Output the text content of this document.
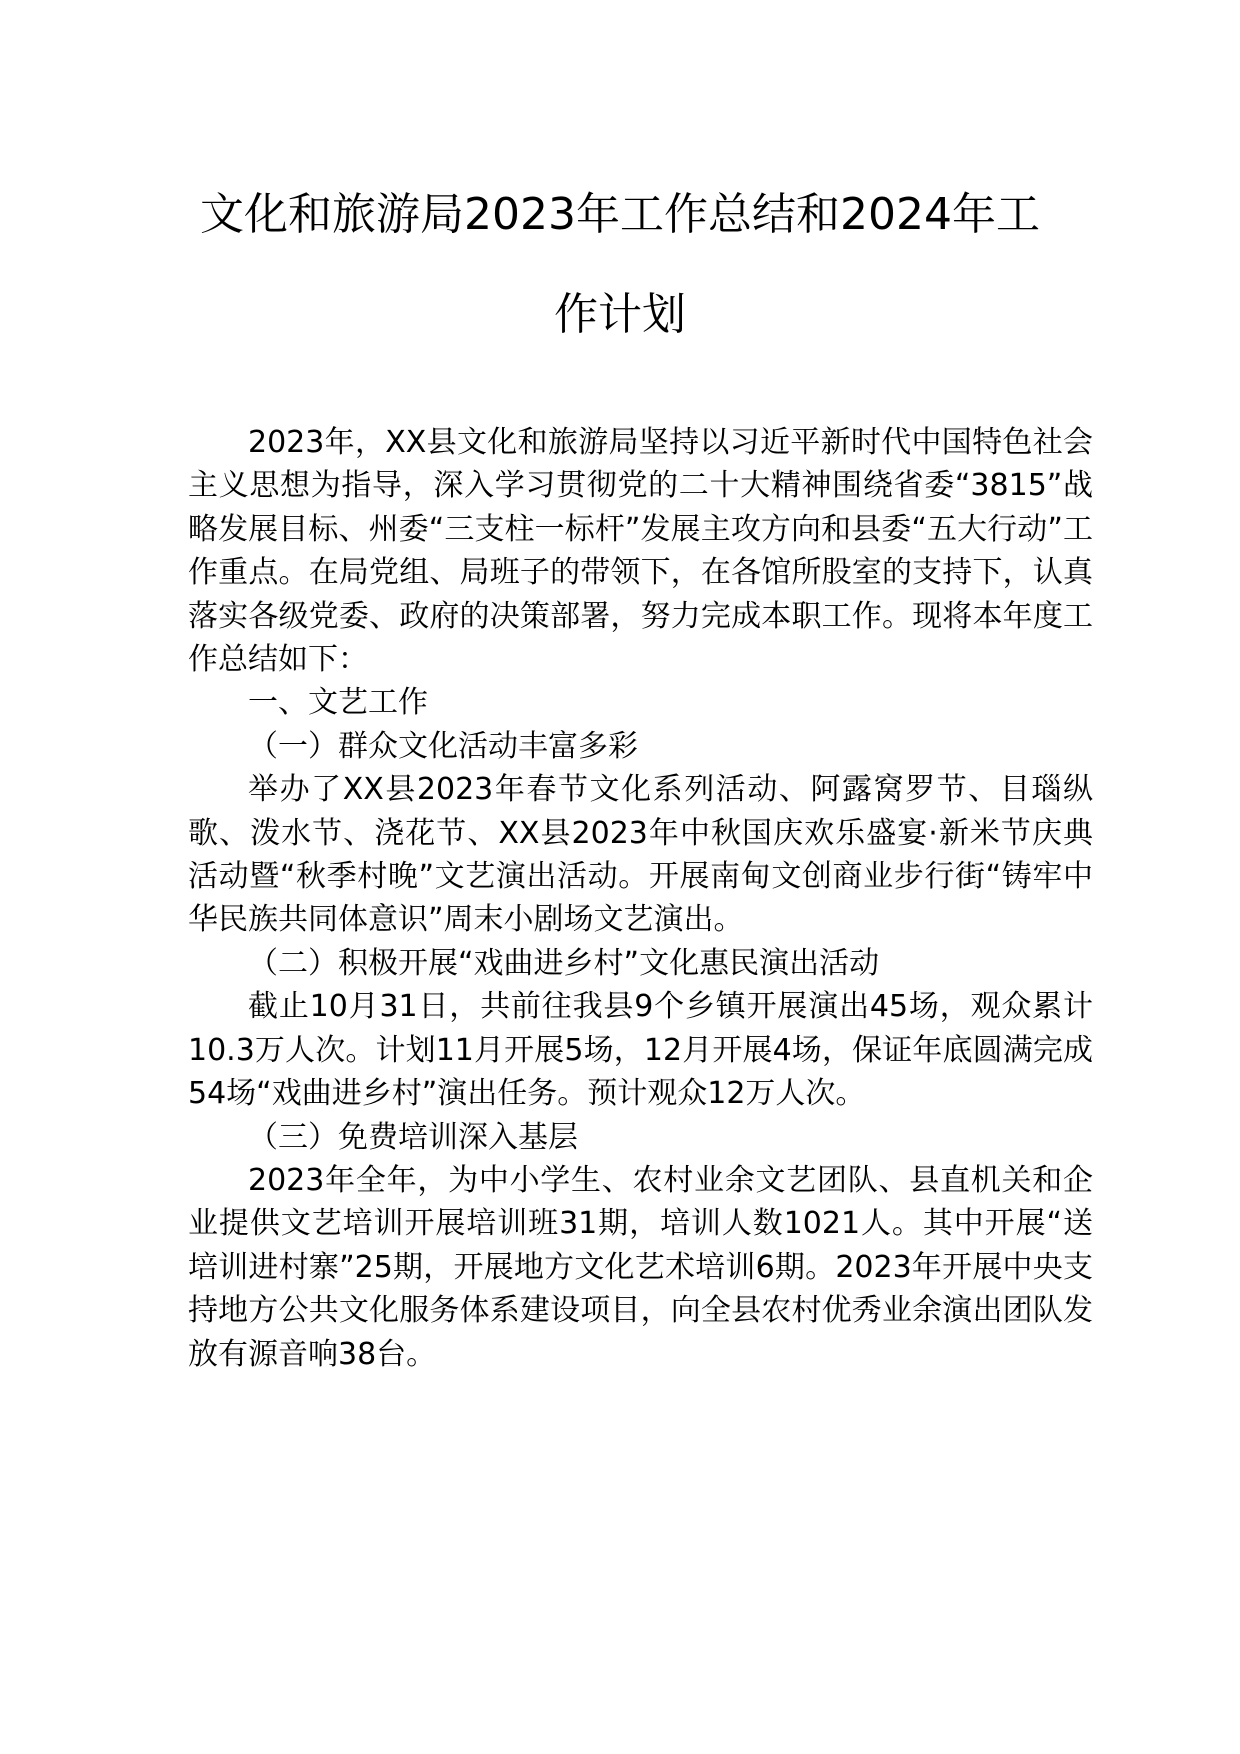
文化和旅游局2023年工作总结和2024年工
作计划

2023年，XX县文化和旅游局坚持以习近平新时代中国特色社会主义思想为指导，深入学习贯彻党的二十大精神围绕省委“3815”战略发展目标、州委“三支柱一标杆”发展主攻方向和县委“五大行动”工作重点。在局党组、局班子的带领下，在各馆所股室的支持下，认真落实各级党委、政府的决策部署，努力完成本职工作。现将本年度工作总结如下：

一、文艺工作

（一）群众文化活动丰富多彩

举办了XX县2023年春节文化系列活动、阿露窝罗节、目瑙纵歌、泼水节、浇花节、XX县2023年中秋国庆欢乐盛宴·新米节庆典活动暨“秋季村晚”文艺演出活动。开展南甸文创商业步行街“铸牢中华民族共同体意识”周末小剧场文艺演出。

（二）积极开展“戏曲进乡村”文化惠民演出活动

截止10月31日，共前往我县9个乡镇开展演出45场，观众累计10.3万人次。计划11月开展5场，12月开展4场，保证年底圆满完成54场“戏曲进乡村”演出任务。预计观众12万人次。

（三）免费培训深入基层

2023年全年，为中小学生、农村业余文艺团队、县直机关和企业提供文艺培训开展培训班31期，培训人数1021人。其中开展“送培训进村寨”25期，开展地方文化艺术培训6期。2023年开展中央支持地方公共文化服务体系建设项目，向全县农村优秀业余演出团队发放有源音响38台。
